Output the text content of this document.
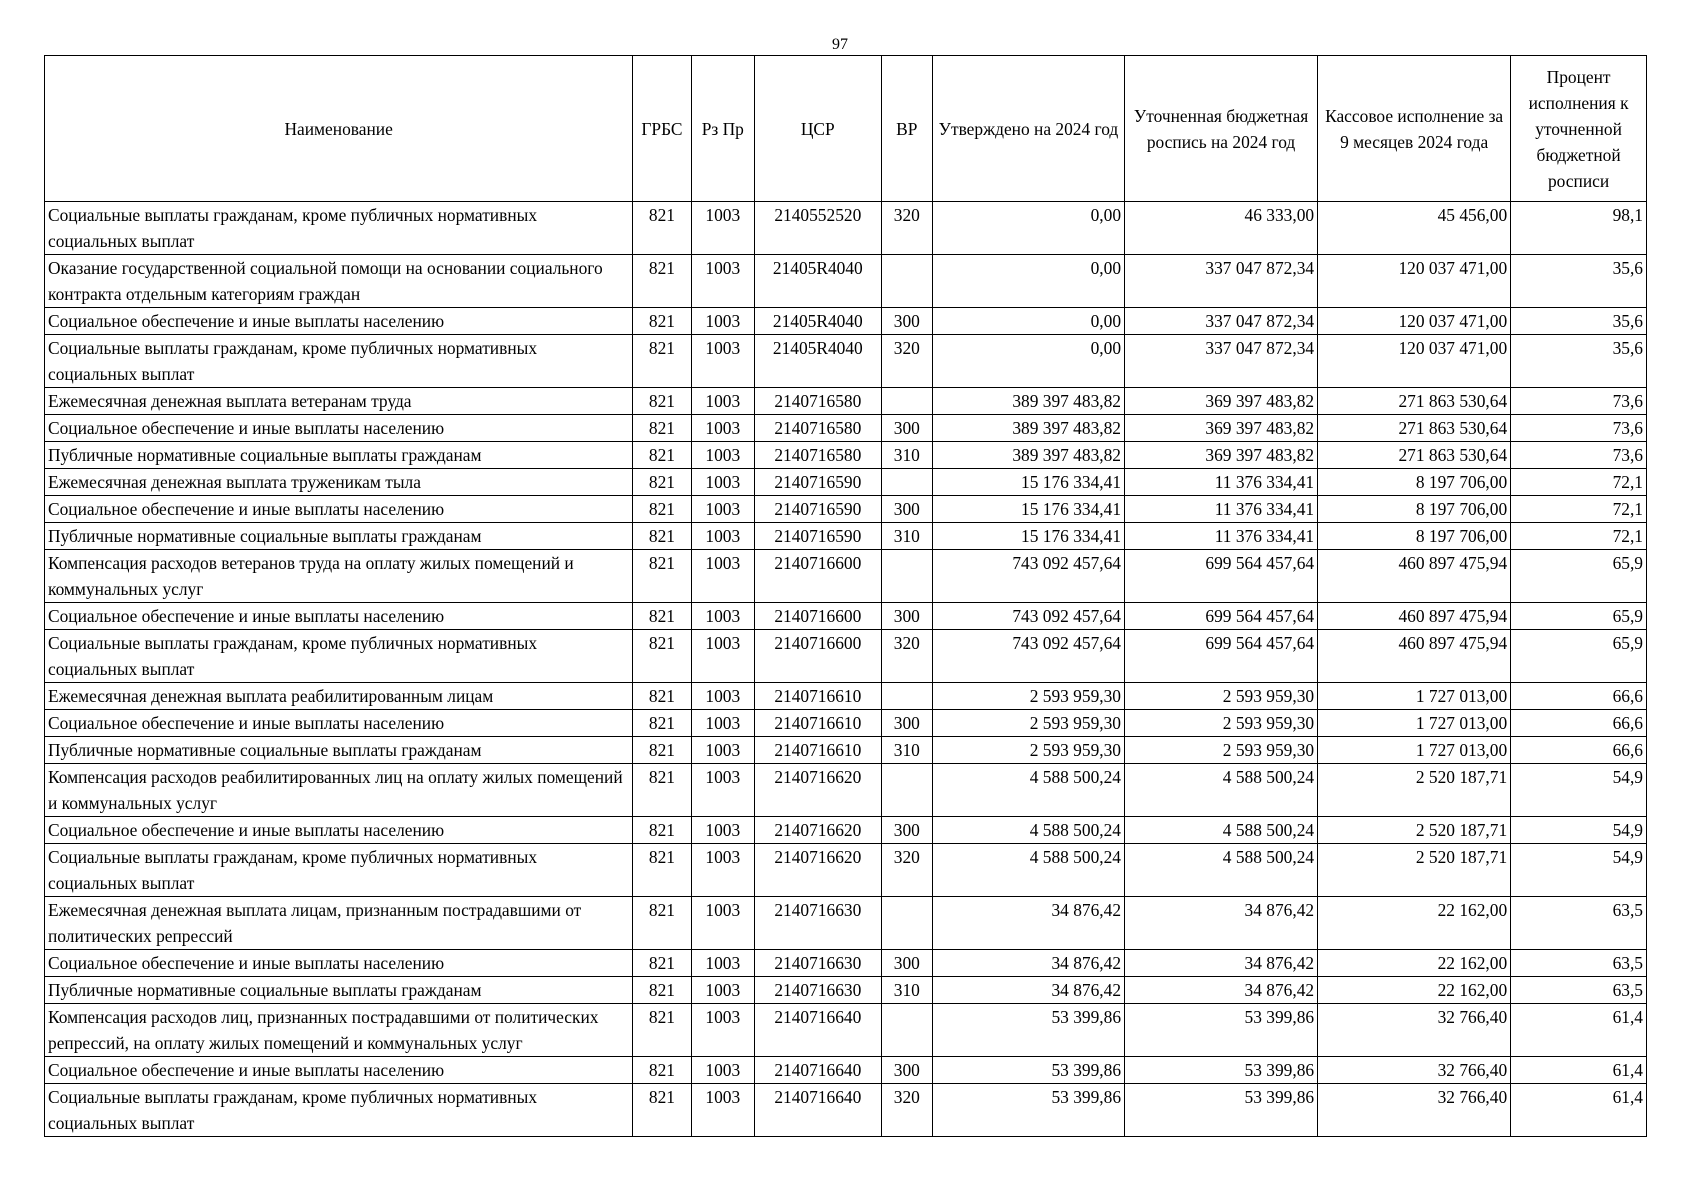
97
Наименование	ГРБС	Рз Пр	ЦСР	ВР	Утверждено на 2024 год	Уточненная бюджетная роспись на 2024 год	Кассовое исполнение за 9 месяцев 2024 года	Процент исполнения к уточненной бюджетной росписи
Социальные выплаты гражданам, кроме публичных нормативных социальных выплат	821	1003	2140552520	320	0,00	46 333,00	45 456,00	98,1
Оказание государственной социальной помощи на основании социального контракта отдельным категориям граждан	821	1003	21405R4040		0,00	337 047 872,34	120 037 471,00	35,6
Социальное обеспечение и иные выплаты населению	821	1003	21405R4040	300	0,00	337 047 872,34	120 037 471,00	35,6
Социальные выплаты гражданам, кроме публичных нормативных социальных выплат	821	1003	21405R4040	320	0,00	337 047 872,34	120 037 471,00	35,6
Ежемесячная денежная выплата ветеранам труда	821	1003	2140716580		389 397 483,82	369 397 483,82	271 863 530,64	73,6
Социальное обеспечение и иные выплаты населению	821	1003	2140716580	300	389 397 483,82	369 397 483,82	271 863 530,64	73,6
Публичные нормативные социальные выплаты гражданам	821	1003	2140716580	310	389 397 483,82	369 397 483,82	271 863 530,64	73,6
Ежемесячная денежная выплата труженикам тыла	821	1003	2140716590		15 176 334,41	11 376 334,41	8 197 706,00	72,1
Социальное обеспечение и иные выплаты населению	821	1003	2140716590	300	15 176 334,41	11 376 334,41	8 197 706,00	72,1
Публичные нормативные социальные выплаты гражданам	821	1003	2140716590	310	15 176 334,41	11 376 334,41	8 197 706,00	72,1
Компенсация расходов ветеранов труда на оплату жилых помещений и коммунальных услуг	821	1003	2140716600		743 092 457,64	699 564 457,64	460 897 475,94	65,9
Социальное обеспечение и иные выплаты населению	821	1003	2140716600	300	743 092 457,64	699 564 457,64	460 897 475,94	65,9
Социальные выплаты гражданам, кроме публичных нормативных социальных выплат	821	1003	2140716600	320	743 092 457,64	699 564 457,64	460 897 475,94	65,9
Ежемесячная денежная выплата реабилитированным лицам	821	1003	2140716610		2 593 959,30	2 593 959,30	1 727 013,00	66,6
Социальное обеспечение и иные выплаты населению	821	1003	2140716610	300	2 593 959,30	2 593 959,30	1 727 013,00	66,6
Публичные нормативные социальные выплаты гражданам	821	1003	2140716610	310	2 593 959,30	2 593 959,30	1 727 013,00	66,6
Компенсация расходов реабилитированных лиц на оплату жилых помещений и коммунальных услуг	821	1003	2140716620		4 588 500,24	4 588 500,24	2 520 187,71	54,9
Социальное обеспечение и иные выплаты населению	821	1003	2140716620	300	4 588 500,24	4 588 500,24	2 520 187,71	54,9
Социальные выплаты гражданам, кроме публичных нормативных социальных выплат	821	1003	2140716620	320	4 588 500,24	4 588 500,24	2 520 187,71	54,9
Ежемесячная денежная выплата лицам, признанным пострадавшими от политических репрессий	821	1003	2140716630		34 876,42	34 876,42	22 162,00	63,5
Социальное обеспечение и иные выплаты населению	821	1003	2140716630	300	34 876,42	34 876,42	22 162,00	63,5
Публичные нормативные социальные выплаты гражданам	821	1003	2140716630	310	34 876,42	34 876,42	22 162,00	63,5
Компенсация расходов лиц, признанных пострадавшими от политических репрессий, на оплату жилых помещений и коммунальных услуг	821	1003	2140716640		53 399,86	53 399,86	32 766,40	61,4
Социальное обеспечение и иные выплаты населению	821	1003	2140716640	300	53 399,86	53 399,86	32 766,40	61,4
Социальные выплаты гражданам, кроме публичных нормативных социальных выплат	821	1003	2140716640	320	53 399,86	53 399,86	32 766,40	61,4
